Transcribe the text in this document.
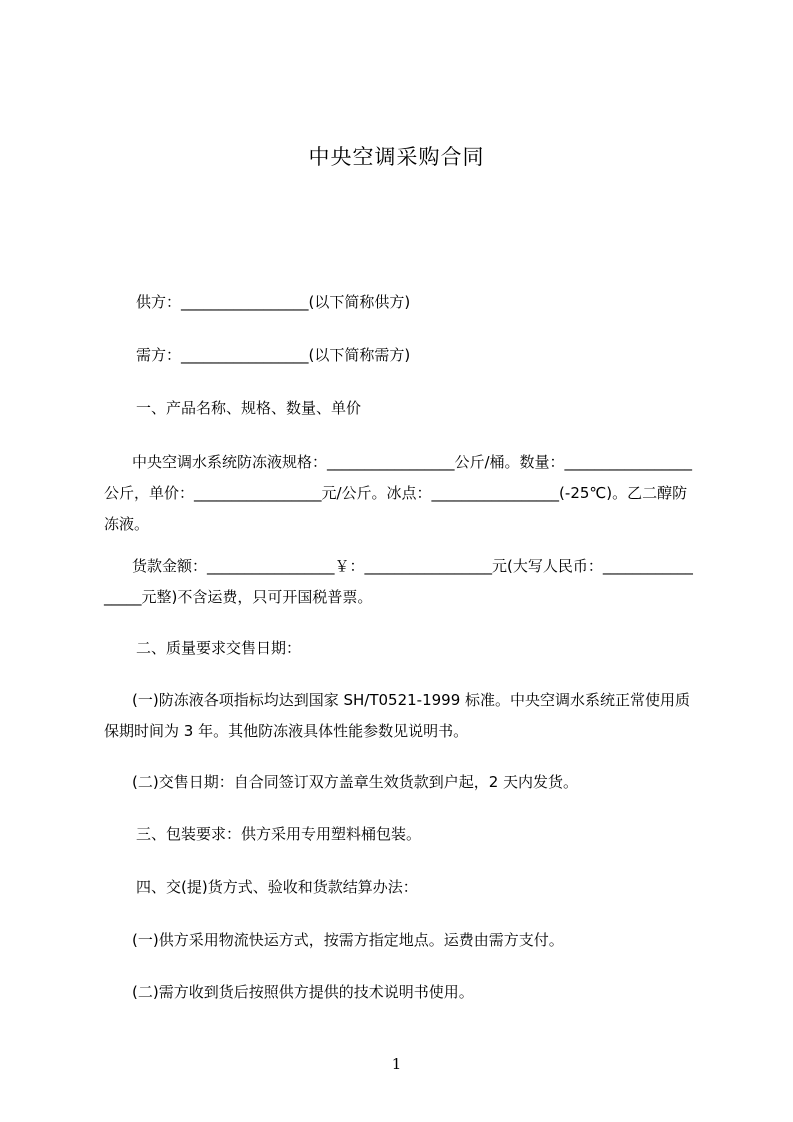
中央空调采购合同
供方：_________________(以下简称供方)
需方：_________________(以下简称需方)
一、产品名称、规格、数量、单价
中央空调水系统防冻液规格：_________________公斤/桶。数量：_________________公斤，单价：_________________元/公斤。冰点：_________________(-25℃)。乙二醇防冻液。
货款金额：_________________￥：_________________元(大写人民币：_________________元整)不含运费，只可开国税普票。
二、质量要求交售日期：
(一)防冻液各项指标均达到国家 SH/T0521-1999 标准。中央空调水系统正常使用质保期时间为 3 年。其他防冻液具体性能参数见说明书。
(二)交售日期：自合同签订双方盖章生效货款到户起，2 天内发货。
三、包装要求：供方采用专用塑料桶包装。
四、交(提)货方式、验收和货款结算办法：
(一)供方采用物流快运方式，按需方指定地点。运费由需方支付。
(二)需方收到货后按照供方提供的技术说明书使用。
1
